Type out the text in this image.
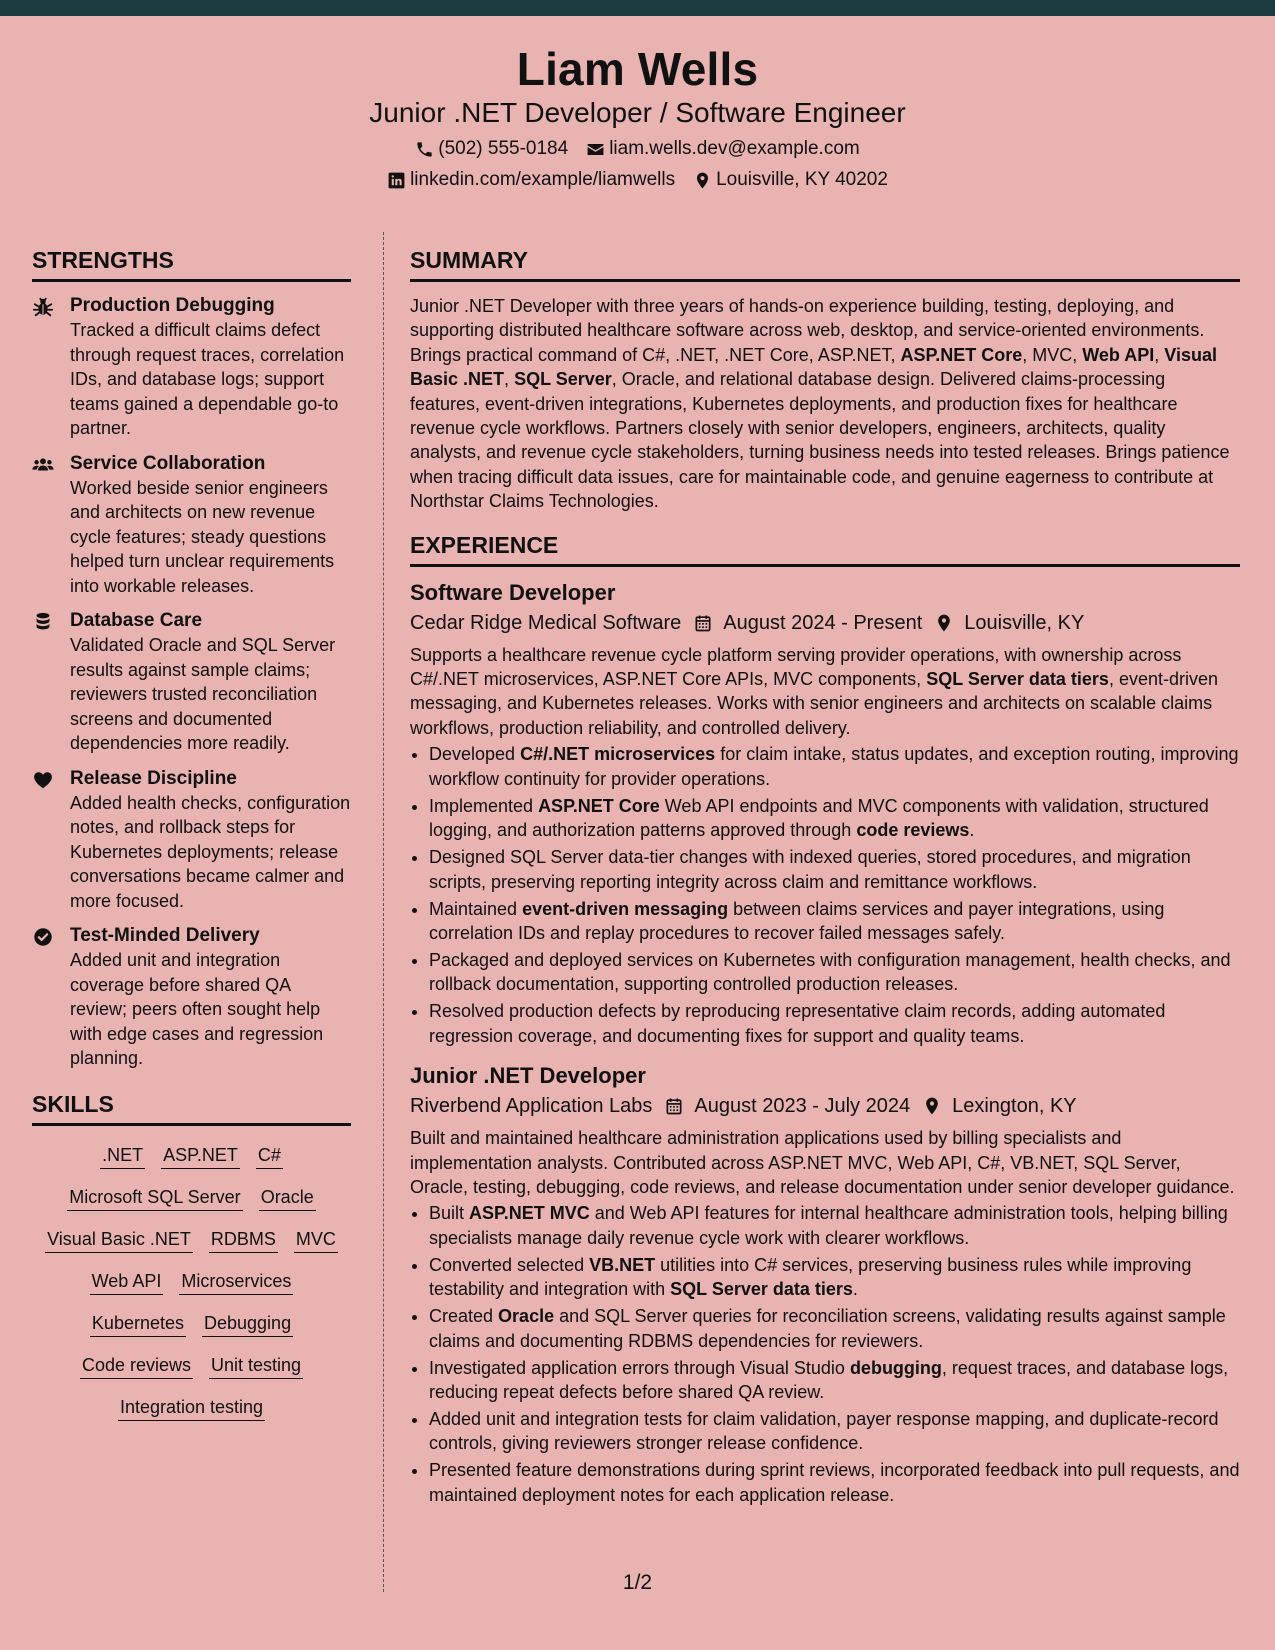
Liam Wells
Junior .NET Developer / Software Engineer
(502) 555-0184 liam.wells.dev@example.com
linkedin.com/example/liamwells Louisville, KY 40202
STRENGTHS
Production Debugging
Tracked a difficult claims defect through request traces, correlation IDs, and database logs; support teams gained a dependable go-to partner.
Service Collaboration
Worked beside senior engineers and architects on new revenue cycle features; steady questions helped turn unclear requirements into workable releases.
Database Care
Validated Oracle and SQL Server results against sample claims; reviewers trusted reconciliation screens and documented dependencies more readily.
Release Discipline
Added health checks, configuration notes, and rollback steps for Kubernetes deployments; release conversations became calmer and more focused.
Test-Minded Delivery
Added unit and integration coverage before shared QA review; peers often sought help with edge cases and regression planning.
SKILLS
.NET ASP.NET C#
Microsoft SQL Server Oracle
Visual Basic .NET RDBMS MVC
Web API Microservices
Kubernetes Debugging
Code reviews Unit testing
Integration testing
SUMMARY
Junior .NET Developer with three years of hands-on experience building, testing, deploying, and supporting distributed healthcare software across web, desktop, and service-oriented environments. Brings practical command of C#, .NET, .NET Core, ASP.NET, ASP.NET Core, MVC, Web API, Visual Basic .NET, SQL Server, Oracle, and relational database design. Delivered claims-processing features, event-driven integrations, Kubernetes deployments, and production fixes for healthcare revenue cycle workflows. Partners closely with senior developers, engineers, architects, quality analysts, and revenue cycle stakeholders, turning business needs into tested releases. Brings patience when tracing difficult data issues, care for maintainable code, and genuine eagerness to contribute at Northstar Claims Technologies.
EXPERIENCE
Software Developer
Cedar Ridge Medical Software August 2024 - Present Louisville, KY
Supports a healthcare revenue cycle platform serving provider operations, with ownership across C#/.NET microservices, ASP.NET Core APIs, MVC components, SQL Server data tiers, event-driven messaging, and Kubernetes releases. Works with senior engineers and architects on scalable claims workflows, production reliability, and controlled delivery.
• Developed C#/.NET microservices for claim intake, status updates, and exception routing, improving workflow continuity for provider operations.
• Implemented ASP.NET Core Web API endpoints and MVC components with validation, structured logging, and authorization patterns approved through code reviews.
• Designed SQL Server data-tier changes with indexed queries, stored procedures, and migration scripts, preserving reporting integrity across claim and remittance workflows.
• Maintained event-driven messaging between claims services and payer integrations, using correlation IDs and replay procedures to recover failed messages safely.
• Packaged and deployed services on Kubernetes with configuration management, health checks, and rollback documentation, supporting controlled production releases.
• Resolved production defects by reproducing representative claim records, adding automated regression coverage, and documenting fixes for support and quality teams.
Junior .NET Developer
Riverbend Application Labs August 2023 - July 2024 Lexington, KY
Built and maintained healthcare administration applications used by billing specialists and implementation analysts. Contributed across ASP.NET MVC, Web API, C#, VB.NET, SQL Server, Oracle, testing, debugging, code reviews, and release documentation under senior developer guidance.
• Built ASP.NET MVC and Web API features for internal healthcare administration tools, helping billing specialists manage daily revenue cycle work with clearer workflows.
• Converted selected VB.NET utilities into C# services, preserving business rules while improving testability and integration with SQL Server data tiers.
• Created Oracle and SQL Server queries for reconciliation screens, validating results against sample claims and documenting RDBMS dependencies for reviewers.
• Investigated application errors through Visual Studio debugging, request traces, and database logs, reducing repeat defects before shared QA review.
• Added unit and integration tests for claim validation, payer response mapping, and duplicate-record controls, giving reviewers stronger release confidence.
• Presented feature demonstrations during sprint reviews, incorporated feedback into pull requests, and maintained deployment notes for each application release.
1/2
